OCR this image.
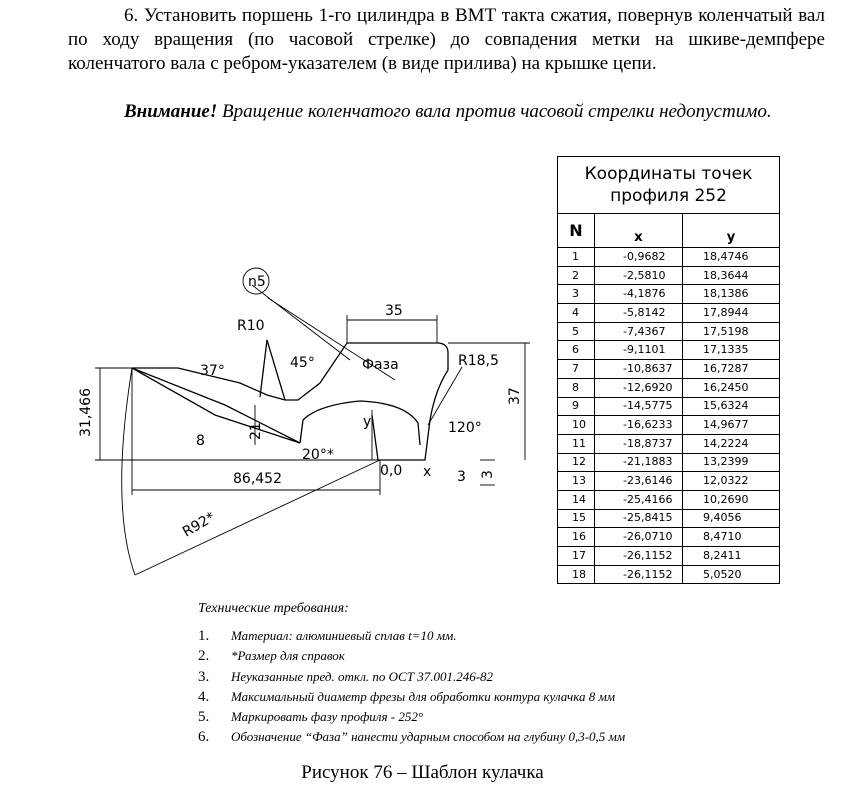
6. Установить поршень 1-го цилиндра в ВМТ такта сжатия, повернув коленчатый вал по ходу вращения (по часовой стрелке) до совпадения метки на шкиве-демпфере коленчатого вала с ребром-указателем (в виде прилива) на крышке цепи.

Внимание! Вращение коленчатого вала против часовой стрелки недопустимо.

n5
R10
35
45°	Фаза	R18,5
37°
31,466	37
8
21
20°*
y	120°
0,0 x 3 3
86,452
R92*
Координаты точек
профиля 252		
N	x	y
1	-0,9682	18,4746
2	-2,5810	18,3644
3	-4,1876	18,1386
4	-5,8142	17,8944
5	-7,4367	17,5198
6	-9,1101	17,1335
7	-10,8637	16,7287
8	-12,6920	16,2450
9	-14,5775	15,6324
10	-16,6233	14,9677
11	-18,8737	14,2224
12	-21,1883	13,2399
13	-23,6146	12,0322
14	-25,4166	10,2690
15	-25,8415	9,4056
16	-26,0710	8,4710
17	-26,1152	8,2411
18	-26,1152	5,0520

Технические требования:

1. Материал: алюминиевый сплав t=10 мм.
2. *Размер для справок
3. Неуказанные пред. откл. по ОСТ 37.001.246-82
4. Максимальный диаметр фрезы для обработки контура кулачка 8 мм
5. Маркировать фазу профиля - 252°
6. Обозначение “Фаза” нанести ударным способом на глубину 0,3-0,5 мм

Рисунок 76 – Шаблон кулачка
